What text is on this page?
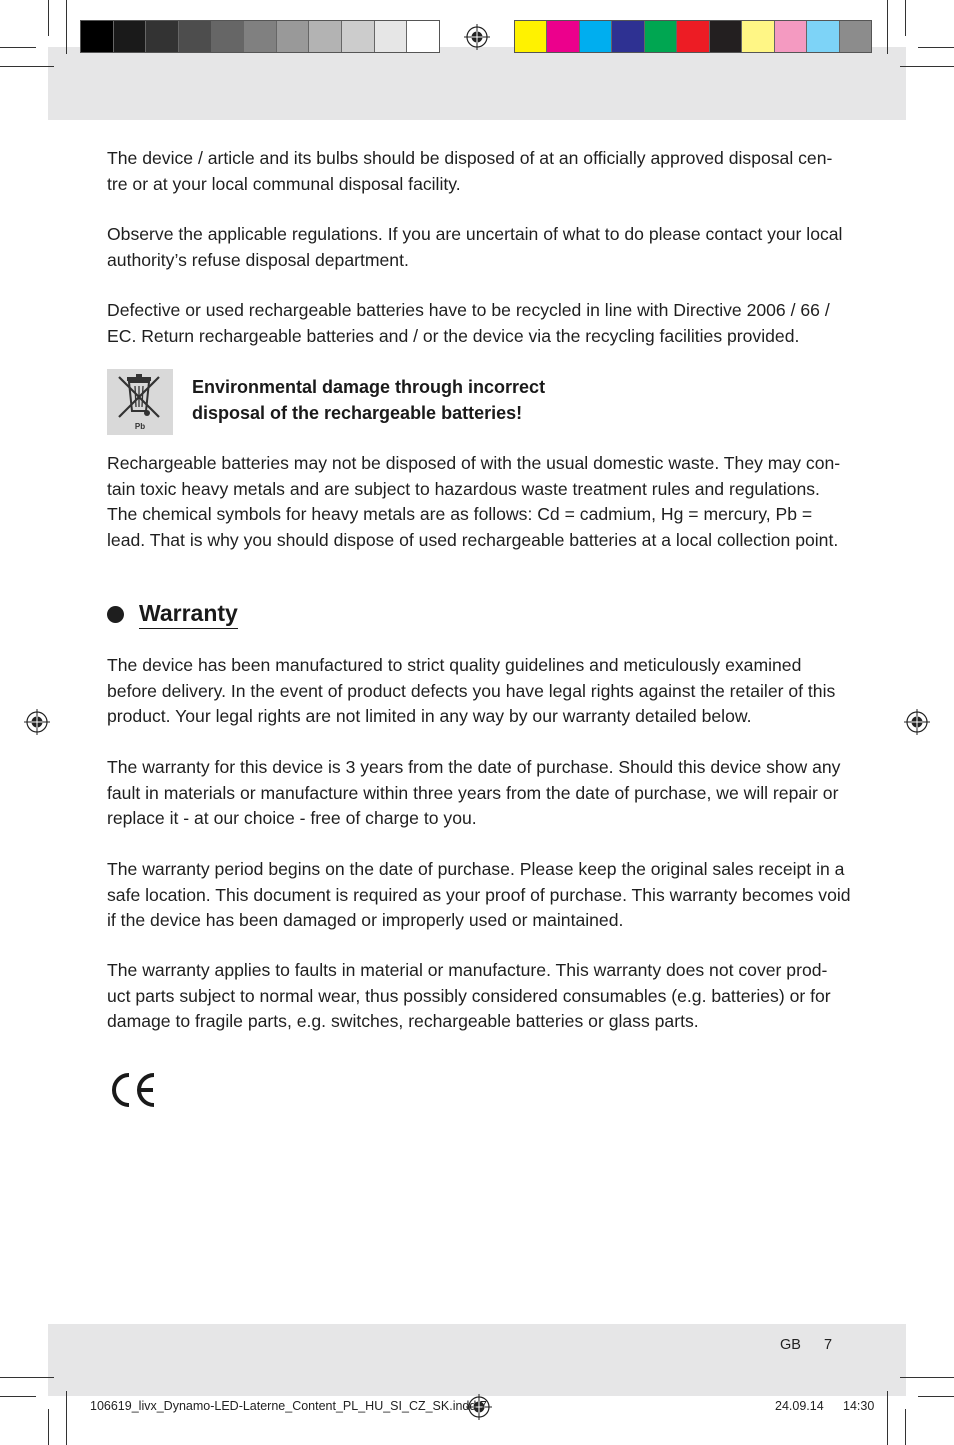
The device / article and its bulbs should be disposed of at an officially approved disposal cen- tre or at your local communal disposal facility.

Observe the applicable regulations. If you are uncertain of what to do please contact your local authority’s refuse disposal department.

Defective or used rechargeable batteries have to be recycled in line with Directive 2006 / 66 / EC. Return rechargeable batteries and / or the device via the recycling facilities provided.

Pb

Environmental damage through incorrect
disposal of the rechargeable batteries!

Rechargeable batteries may not be disposed of with the usual domestic waste. They may con- tain toxic heavy metals and are subject to hazardous waste treatment rules and regulations. The chemical symbols for heavy metals are as follows: Cd = cadmium, Hg = mercury, Pb = lead. That is why you should dispose of used rechargeable batteries at a local collection point.

Warranty

The device has been manufactured to strict quality guidelines and meticulously examined before delivery. In the event of product defects you have legal rights against the retailer of this product. Your legal rights are not limited in any way by our warranty detailed below.

The warranty for this device is 3 years from the date of purchase. Should this device show any fault in materials or manufacture within three years from the date of purchase, we will repair or replace it - at our choice - free of charge to you.

The warranty period begins on the date of purchase. Please keep the original sales receipt in a safe location. This document is required as your proof of purchase. This warranty becomes void if the device has been damaged or improperly used or maintained.

The warranty applies to faults in material or manufacture. This warranty does not cover prod- uct parts subject to normal wear, thus possibly considered consumables (e.g. batteries) or for damage to fragile parts, e.g. switches, rechargeable batteries or glass parts.

GB 7
106619_livx_Dynamo-LED-Laterne_Content_PL_HU_SI_CZ_SK.indd 7	24.09.14 14:30
